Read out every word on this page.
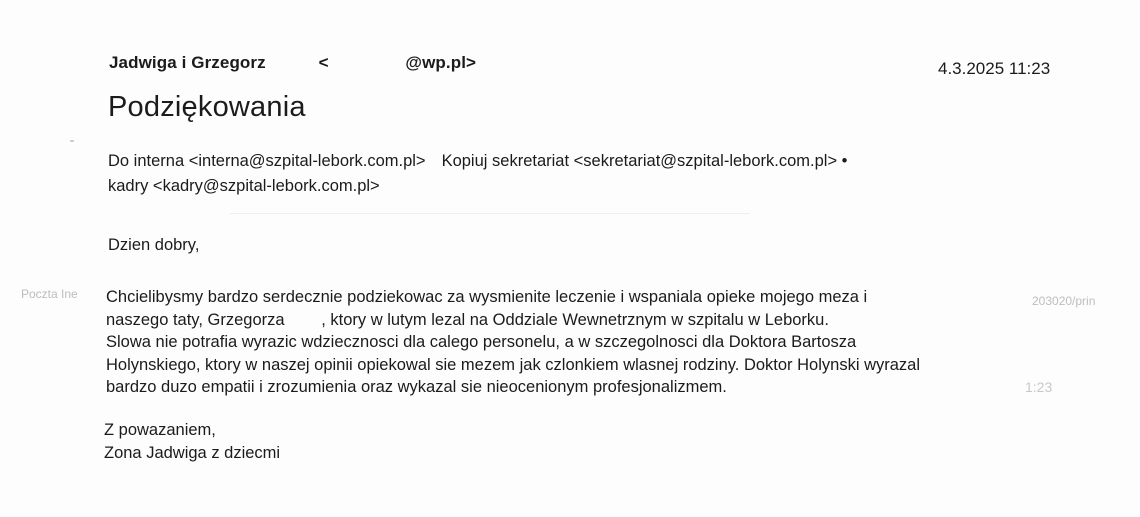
Jadwiga i Grzegorz	<	@wp.pl>	4.3.2025 11:23
Podziękowania
Do interna <interna@szpital-lebork.com.pl> Kopiuj sekretariat <sekretariat@szpital-lebork.com.pl> •
kadry <kadry@szpital-lebork.com.pl>
Dzien dobry,
Poczta Ine	203020/prin
1:23
Chcielibysmy bardzo serdecznie podziekowac za wysmienite leczenie i wspaniala opieke mojego meza i
naszego taty, Grzegorza        , ktory w lutym lezal na Oddziale Wewnetrznym w szpitalu w Leborku.
Slowa nie potrafia wyrazic wdziecznosci dla calego personelu, a w szczegolnosci dla Doktora Bartosza
Holynskiego, ktory w naszej opinii opiekowal sie mezem jak czlonkiem wlasnej rodziny. Doktor Holynski wyrazal
bardzo duzo empatii i zrozumienia oraz wykazal sie nieocenionym profesjonalizmem.
Z powazaniem,
Zona Jadwiga z dziecmi
